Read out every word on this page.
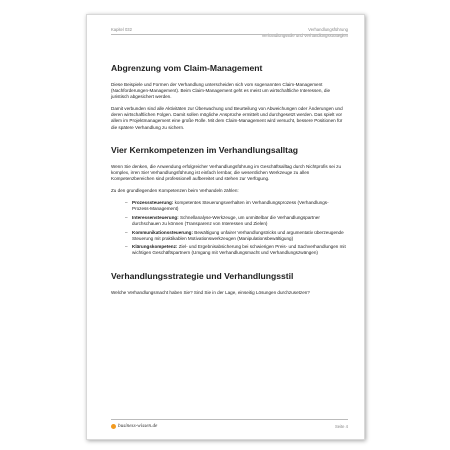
Kapitel 032	Verhandlungsführung
Verhandlungsstile und Verhandlungsstrategien
Abgrenzung vom Claim-Management

Diese Beispiele und Formen der Verhandlung unterscheiden sich vom sogenannten Claim-Management (Nachforderungen-Management). Beim Claim-Management geht es meist um wirtschaftliche Interessen, die juristisch abgesichert werden.

Damit verbunden sind alle Aktivitäten zur Überwachung und Beurteilung von Abweichungen oder Änderungen und deren wirtschaftlichen Folgen. Damit sollen mögliche Ansprüche ermittelt und durchgesetzt werden. Das spielt vor allem im Projektmanagement eine große Rolle. Mit dem Claim-Management wird versucht, bessere Positionen für die spätere Verhandlung zu sichern.

Vier Kernkompetenzen im Verhandlungsalltag

Wenn Sie denken, die Anwendung erfolgreicher Verhandlungsführung im Geschäftsalltag durch Nichtprofis sei zu komplex, irren Sie! Verhandlungsführung ist einfach lernbar, die wesentlichen Werkzeuge zu allen Kompetenzbereichen sind professionell aufbereitet und stehen zur Verfügung.

Zu den grundlegenden Kompetenzen beim Verhandeln zählen:

– Prozesssteuerung: kompetentes Steuerungsverhalten im Verhandlungsprozess (Verhandlungs-Prozess-Management)
– Interessensteuerung: Schnellanalyse-Werkzeuge, um unmittelbar die Verhandlungspartner durchschauen zu können (Transparenz von Interessen und Zielen)
– Kommunikationssteuerung: Bewältigung unfairer Verhandlungstricks und argumentativ überzeugende Steuerung mit praktikablen Motivationswerkzeugen (Manipulationsbewältigung)
– Klärungskompetenz: Ziel- und Ergebnisabsicherung bei schwierigen Preis- und Sachverhandlungen mit wichtigen Geschäftspartnern (Umgang mit Verhandlungsmacht und Verhandlungszwängen)
Verhandlungsstrategie und Verhandlungsstil

Welche Verhandlungsmacht haben Sie? Sind Sie in der Lage, einseitig Lösungen durchzusetzen?

business-wissen.de	Seite 4
